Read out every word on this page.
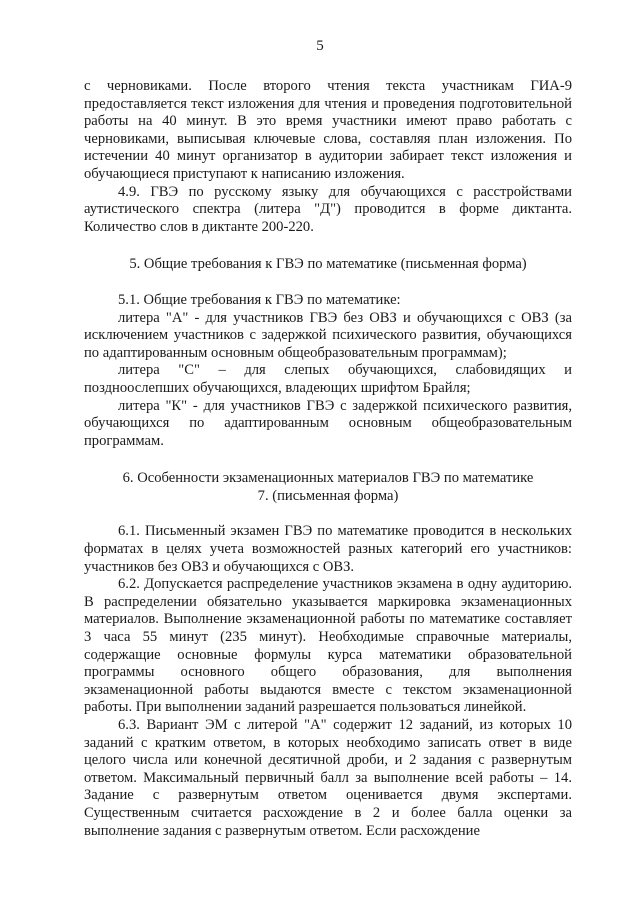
5

с черновиками. После второго чтения текста участникам ГИА-9 предоставляется текст изложения для чтения и проведения подготовительной работы на 40 минут. В это время участники имеют право работать с черновиками, выписывая ключевые слова, составляя план изложения. По истечении 40 минут организатор в аудитории забирает текст изложения и обучающиеся приступают к написанию изложения.

4.9. ГВЭ по русскому языку для обучающихся с расстройствами аутистического спектра (литера "Д") проводится в форме диктанта. Количество слов в диктанте 200-220.

5. Общие требования к ГВЭ по математике (письменная форма)

5.1. Общие требования к ГВЭ по математике:

литера "А" - для участников ГВЭ без ОВЗ и обучающихся с ОВЗ (за исключением участников с задержкой психического развития, обучающихся по адаптированным основным общеобразовательным программам);

литера "С" – для слепых обучающихся, слабовидящих и поздноослепших обучающихся, владеющих шрифтом Брайля;

литера "К" - для участников ГВЭ с задержкой психического развития, обучающихся по адаптированным основным общеобразовательным программам.

6. Особенности экзаменационных материалов ГВЭ по математике

7. (письменная форма)

6.1. Письменный экзамен ГВЭ по математике проводится в нескольких форматах в целях учета возможностей разных категорий его участников: участников без ОВЗ и обучающихся с ОВЗ.

6.2. Допускается распределение участников экзамена в одну аудиторию. В распределении обязательно указывается маркировка экзаменационных материалов. Выполнение экзаменационной работы по математике составляет 3 часа 55 минут (235 минут). Необходимые справочные материалы, содержащие основные формулы курса математики образовательной программы основного общего образования, для выполнения экзаменационной работы выдаются вместе с текстом экзаменационной работы. При выполнении заданий разрешается пользоваться линейкой.

6.3. Вариант ЭМ с литерой "А" содержит 12 заданий, из которых 10 заданий с кратким ответом, в которых необходимо записать ответ в виде целого числа или конечной десятичной дроби, и 2 задания с развернутым ответом. Максимальный первичный балл за выполнение всей работы – 14. Задание с развернутым ответом оценивается двумя экспертами. Существенным считается расхождение в 2 и более балла оценки за выполнение задания с развернутым ответом. Если расхождение
